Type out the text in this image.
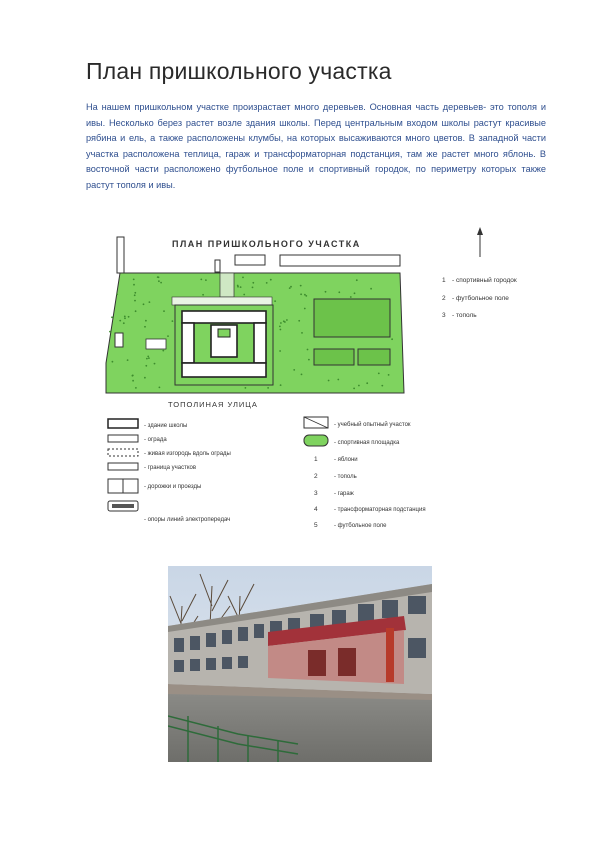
План пришкольного участка
На нашем пришкольном участке произрастает много деревьев. Основная часть деревьев- это тополя и ивы. Несколько берез растет возле здания школы. Перед центральным входом школы растут красивые рябина и ель, а также расположены клумбы, на которых высаживаются много цветов. В западной части участка расположена теплица, гараж и трансформаторная подстанция, там же растет много яблонь. В восточной части расположено футбольное поле и спортивный городок, по периметру которых также растут тополя и ивы.
ПЛАН ПРИШКОЛЬНОГО УЧАСТКА
ТОПОЛИНАЯ УЛИЦА
1 - спортивный городок
2 - футбольное поле
3 - тополь
- здание школы
- ограда
- живая изгородь вдоль ограды
- граница участков
- дорожки и проезды
- опоры линий электропередач
- учебный опытный участок
- спортивная площадка
1	- яблони
2	- тополь
3	- гараж
4	- трансформаторная подстанция
5	- футбольное поле
